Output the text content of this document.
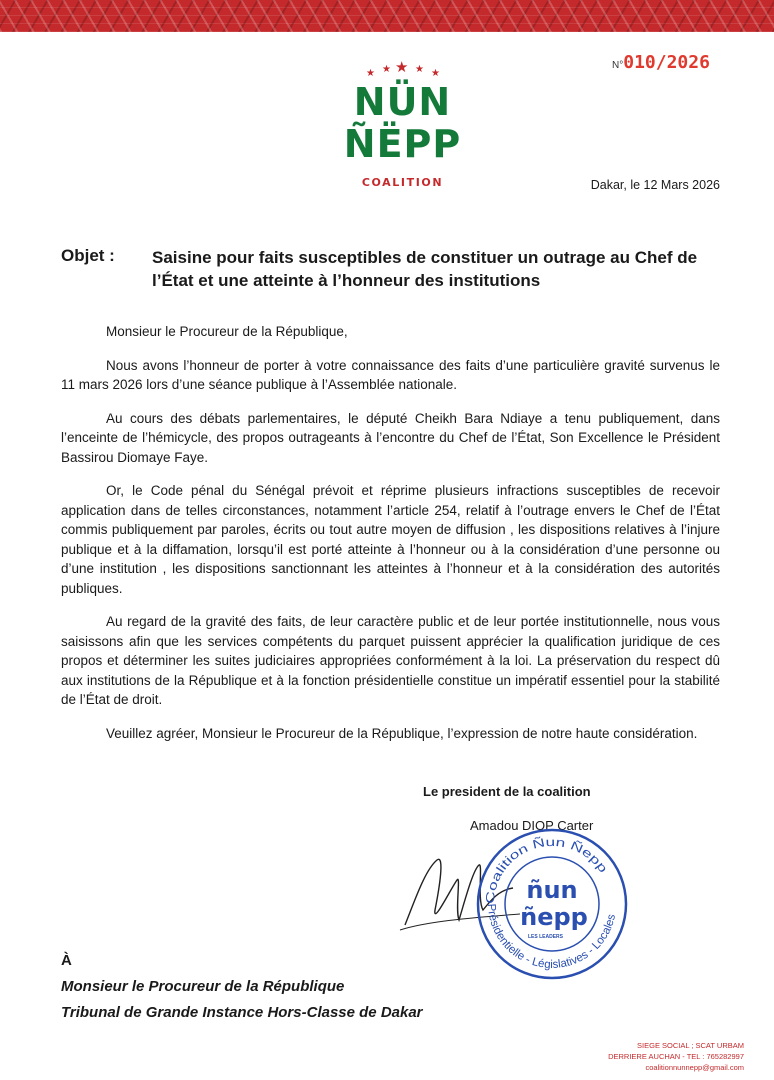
★ ★ ★ ★ ★
NÜN
ÑËPP
COALITION
N°010/2026
Dakar, le 12 Mars 2026
Objet : Saisine pour faits susceptibles de constituer un outrage au Chef de l’État et une atteinte à l’honneur des institutions

Monsieur le Procureur de la République,

Nous avons l’honneur de porter à votre connaissance des faits d’une particulière gravité survenus le 11 mars 2026 lors d’une séance publique à l’Assemblée nationale.

Au cours des débats parlementaires, le député Cheikh Bara Ndiaye a tenu publiquement, dans l’enceinte de l’hémicycle, des propos outrageants à l’encontre du Chef de l’État, Son Excellence le Président Bassirou Diomaye Faye.

Or, le Code pénal du Sénégal prévoit et réprime plusieurs infractions susceptibles de recevoir application dans de telles circonstances, notamment l’article 254, relatif à l’outrage envers le Chef de l’État commis publiquement par paroles, écrits ou tout autre moyen de diffusion , les dispositions relatives à l’injure publique et à la diffamation, lorsqu’il est porté atteinte à l’honneur ou à la considération d’une personne ou d’une institution , les dispositions sanctionnant les atteintes à l’honneur et à la considération des autorités publiques.

Au regard de la gravité des faits, de leur caractère public et de leur portée institutionnelle, nous vous saisissons afin que les services compétents du parquet puissent apprécier la qualification juridique de ces propos et déterminer les suites judiciaires appropriées conformément à la loi. La préservation du respect dû aux institutions de la République et à la fonction présidentielle constitue un impératif essentiel pour la stabilité de l’État de droit.

Veuillez agréer, Monsieur le Procureur de la République, l’expression de notre haute considération.

Le president de la coalition
Amadou DIOP Carter
Coalition Ñun Ñepp
Présidentielle - Législatives - Locales
ñun
ñepp
LES LEADERS
À
Monsieur le Procureur de la République
Tribunal de Grande Instance Hors-Classe de Dakar
SIEGE SOCIAL ; SCAT URBAM
DERRIERE AUCHAN - TEL : 765282997
coalitionnunnepp@gmail.com
